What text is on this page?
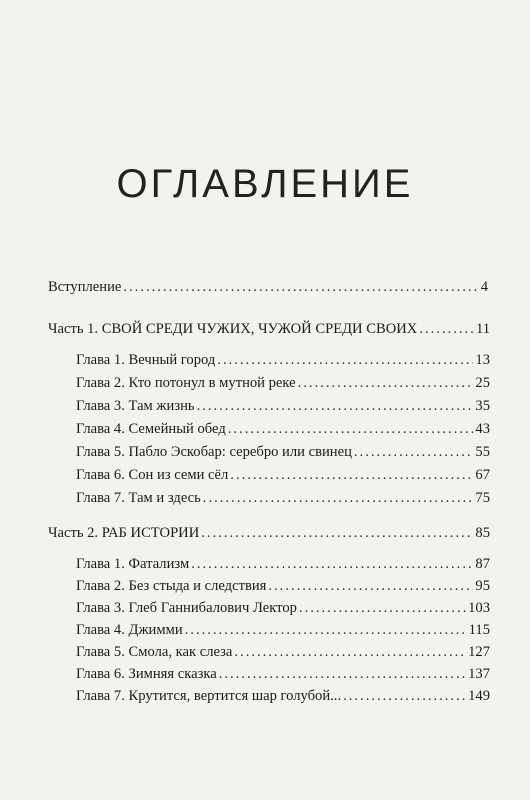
ОГЛАВЛЕНИЕ
Вступление .....	4
Часть 1. СВОЙ СРЕДИ ЧУЖИХ, ЧУЖОЙ СРЕДИ СВОИХ .....	11
Глава 1. Вечный город .....	13
Глава 2. Кто потонул в мутной реке .....	25
Глава 3. Там жизнь .....	35
Глава 4. Семейный обед .....	43
Глава 5. Пабло Эскобар: серебро или свинец .....	55
Глава 6. Сон из семи сёл .....	67
Глава 7. Там и здесь .....	75
Часть 2. РАБ ИСТОРИИ .....	85
Глава 1. Фатализм .....	87
Глава 2. Без стыда и следствия .....	95
Глава 3. Глеб Ганнибалович Лектор .....	103
Глава 4. Джимми .....	115
Глава 5. Смола, как слеза .....	127
Глава 6. Зимняя сказка .....	137
Глава 7. Крутится, вертится шар голубой... .....	149
